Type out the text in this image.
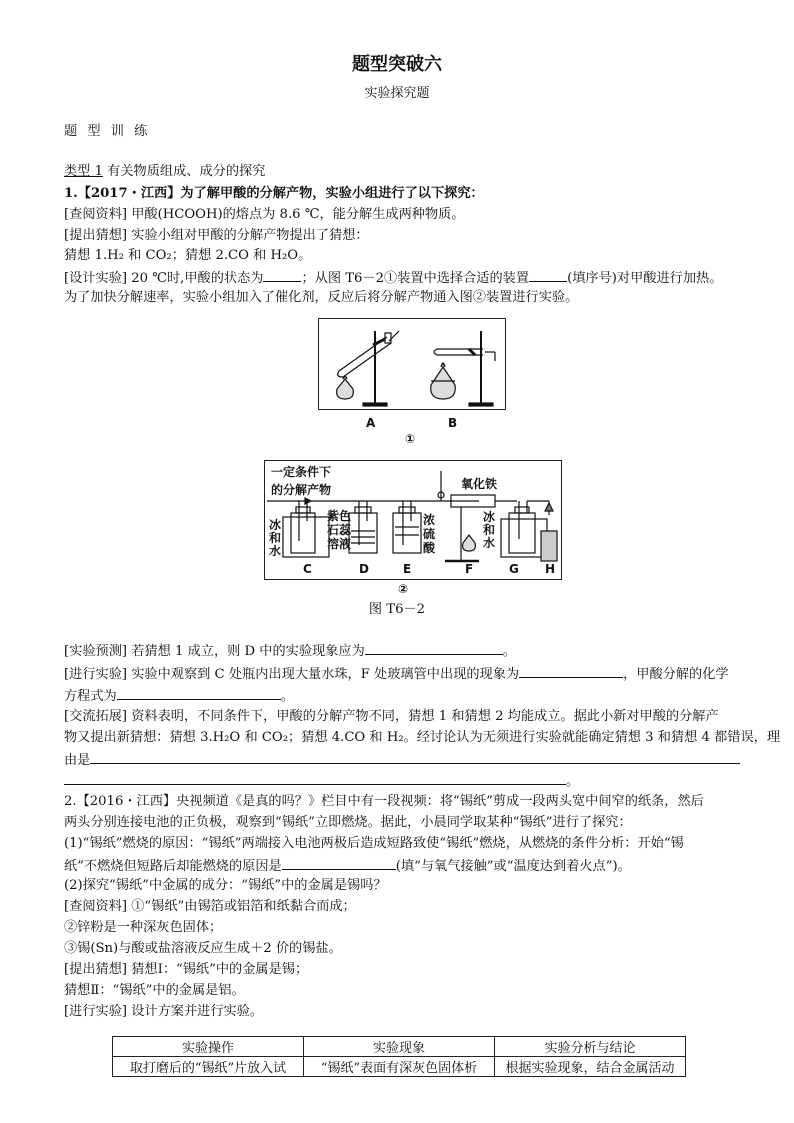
题型突破六
实验探究题
题 型 训 练
类型 1 有关物质组成、成分的探究
1.【2017・江西】为了解甲酸的分解产物，实验小组进行了以下探究：
[查阅资料] 甲酸(HCOOH)的熔点为 8.6 ℃，能分解生成两种物质。
[提出猜想] 实验小组对甲酸的分解产物提出了猜想：
猜想 1.H₂ 和 CO₂；猜想 2.CO 和 H₂O。
[设计实验] 20 ℃时,甲酸的状态为	；从图 T6－2①装置中选择合适的装置	(填序号)对甲酸进行加热。
为了加快分解速率，实验小组加入了催化剂，反应后将分解产物通入图②装置进行实验。
A	B
①
一定条件下
的分解产物
冰
和
水
紫色
石蕊
溶液
浓
硫
酸
氧化铁
冰
和
水
C	D	E	F	G H
②
图 T6－2
[实验预测] 若猜想 1 成立，则 D 中的实验现象应为	。
[进行实验] 实验中观察到 C 处瓶内出现大量水珠，F 处玻璃管中出现的现象为	，甲酸分解的化学
方程式为	。
[交流拓展] 资料表明，不同条件下，甲酸的分解产物不同，猜想 1 和猜想 2 均能成立。据此小新对甲酸的分解产
物又提出新猜想：猜想 3.H₂O 和 CO₂；猜想 4.CO 和 H₂。经讨论认为无须进行实验就能确定猜想 3 和猜想 4 都错误，理
由是
。
2.【2016・江西】央视频道《是真的吗？》栏目中有一段视频：将“锡纸”剪成一段两头宽中间窄的纸条，然后
两头分别连接电池的正负极，观察到“锡纸”立即燃烧。据此，小晨同学取某种“锡纸”进行了探究：
(1)“锡纸”燃烧的原因：“锡纸”两端接入电池两极后造成短路致使“锡纸”燃烧，从燃烧的条件分析：开始“锡
纸”不燃烧但短路后却能燃烧的原因是	(填“与氧气接触”或“温度达到着火点”)。
(2)探究“锡纸”中金属的成分：“锡纸”中的金属是锡吗？
[查阅资料] ①“锡纸”由锡箔或铝箔和纸黏合而成；
②锌粉是一种深灰色固体；
③锡(Sn)与酸或盐溶液反应生成＋2 价的锡盐。
[提出猜想] 猜想Ⅰ：“锡纸”中的金属是锡；
猜想Ⅱ：“锡纸”中的金属是铝。
[进行实验] 设计方案并进行实验。
实验操作	实验现象	实验分析与结论
取打磨后的“锡纸”片放入试	“锡纸”表面有深灰色固体析	根据实验现象，结合金属活动
